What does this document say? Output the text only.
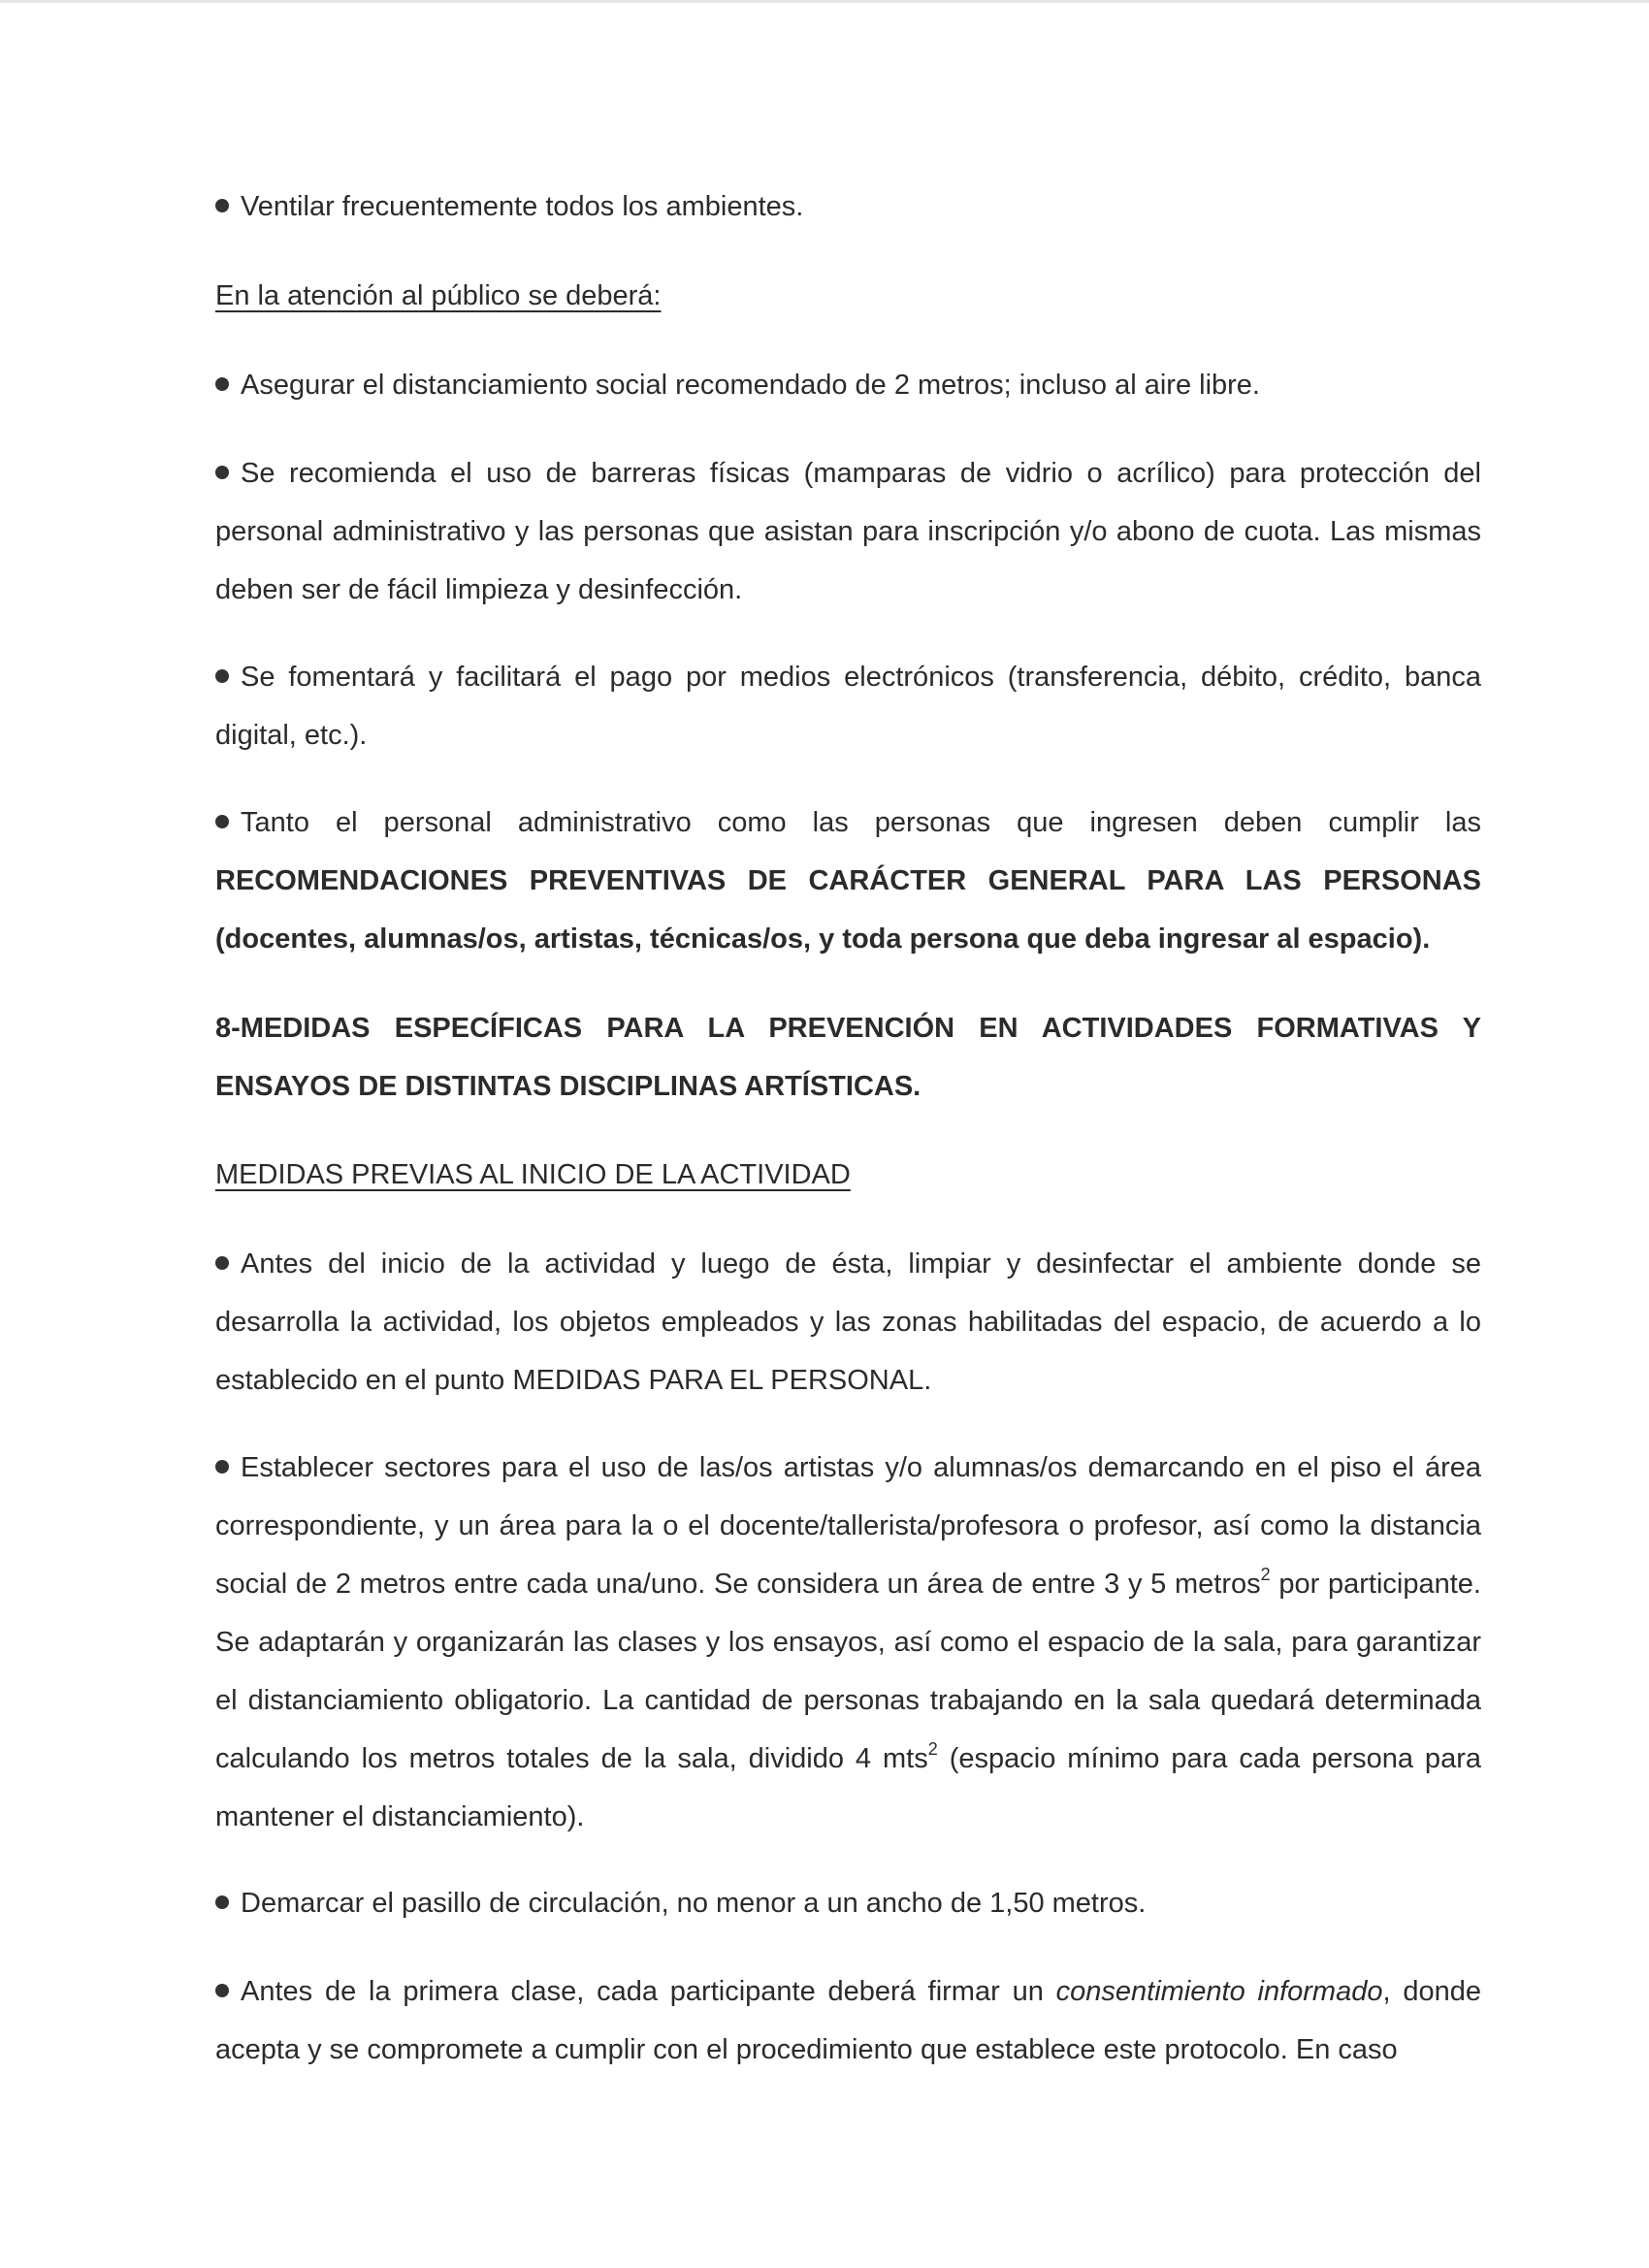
Ventilar frecuentemente todos los ambientes.

En la atención al público se deberá:

Asegurar el distanciamiento social recomendado de 2 metros; incluso al aire libre.

Se recomienda el uso de barreras físicas (mamparas de vidrio o acrílico) para protección del personal administrativo y las personas que asistan para inscripción y/o abono de cuota. Las mismas deben ser de fácil limpieza y desinfección.

Se fomentará y facilitará el pago por medios electrónicos (transferencia, débito, crédito, banca digital, etc.).

Tanto el personal administrativo como las personas que ingresen deben cumplir las RECOMENDACIONES PREVENTIVAS DE CARÁCTER GENERAL PARA LAS PERSONAS (docentes, alumnas/os, artistas, técnicas/os, y toda persona que deba ingresar al espacio).

8-MEDIDAS ESPECÍFICAS PARA LA PREVENCIÓN EN ACTIVIDADES FORMATIVAS Y ENSAYOS DE DISTINTAS DISCIPLINAS ARTÍSTICAS.

MEDIDAS PREVIAS AL INICIO DE LA ACTIVIDAD

Antes del inicio de la actividad y luego de ésta, limpiar y desinfectar el ambiente donde se desarrolla la actividad, los objetos empleados y las zonas habilitadas del espacio, de acuerdo a lo establecido en el punto MEDIDAS PARA EL PERSONAL.

Establecer sectores para el uso de las/os artistas y/o alumnas/os demarcando en el piso el área correspondiente, y un área para la o el docente/tallerista/profesora o profesor, así como la distancia social de 2 metros entre cada una/uno. Se considera un área de entre 3 y 5 metros$^2$ por participante. Se adaptarán y organizarán las clases y los ensayos, así como el espacio de la sala, para garantizar el distanciamiento obligatorio. La cantidad de personas trabajando en la sala quedará determinada calculando los metros totales de la sala, dividido 4 mts$^2$ (espacio mínimo para cada persona para mantener el distanciamiento).

Demarcar el pasillo de circulación, no menor a un ancho de 1,50 metros.

Antes de la primera clase, cada participante deberá firmar un consentimiento informado, donde acepta y se compromete a cumplir con el procedimiento que establece este protocolo. En caso
